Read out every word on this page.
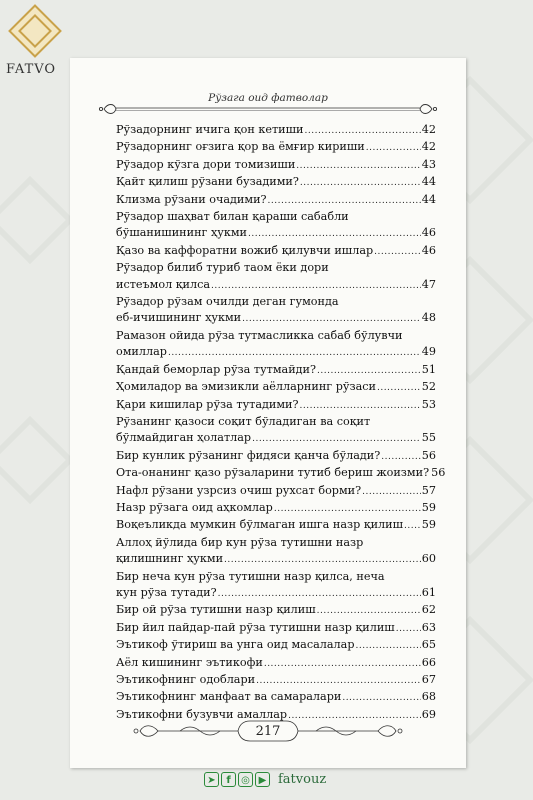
FATVO
Рўзага оид фатволар
Рўзадорнинг ичига қон кетиши .....	42
Рўзадорнинг оғзига қор ва ёмғир кириши .....	42
Рўзадор кўзга дори томизиши .....	43
Қайт қилиш рўзани бузадими? .....	44
Клизма рўзани очадими? .....	44
Рўзадор шаҳват билан қараши сабабли
бўшанишининг ҳукми .....	46
Қазо ва каффоратни вожиб қилувчи ишлар .....	46
Рўзадор билиб туриб таом ёки дори
истеъмол қилса .....	47
Рўзадор рўзам очилди деган гумонда
еб-ичишининг ҳукми .....	48
Рамазон ойида рўза тутмасликка сабаб бўлувчи
омиллар .....	49
Қандай беморлар рўза тутмайди? .....	51
Ҳомиладор ва эмизикли аёлларнинг рўзаси .....	52
Қари кишилар рўза тутадими? .....	53
Рўзанинг қазоси соқит бўладиган ва соқит
бўлмайдиган ҳолатлар .....	55
Бир кунлик рўзанинг фидяси қанча бўлади? .....	56
Ота-онанинг қазо рўзаларини тутиб бериш жоизми? 56
Нафл рўзани узрсиз очиш рухсат борми? .....	57
Назр рўзага оид аҳкомлар .....	59
Воқеъликда мумкин бўлмаган ишга назр қилиш ..... 59
Аллоҳ йўлида бир кун рўза тутишни назр
қилишнинг ҳукми .....	60
Бир неча кун рўза тутишни назр қилса, неча
кун рўза тутади? .....	61
Бир ой рўза тутишни назр қилиш .....	62
Бир йил пайдар-пай рўза тутишни назр қилиш ..... 63
Эътикоф ўтириш ва унга оид масалалар .....	65
Аёл кишининг эътикофи .....	66
Эътикофнинг одоблари .....	67
Эътикофнинг манфаат ва самаралари .....	68
Эътикофни бузувчи амаллар .....	69
217
➤	f	◎ ▶ fatvouz
